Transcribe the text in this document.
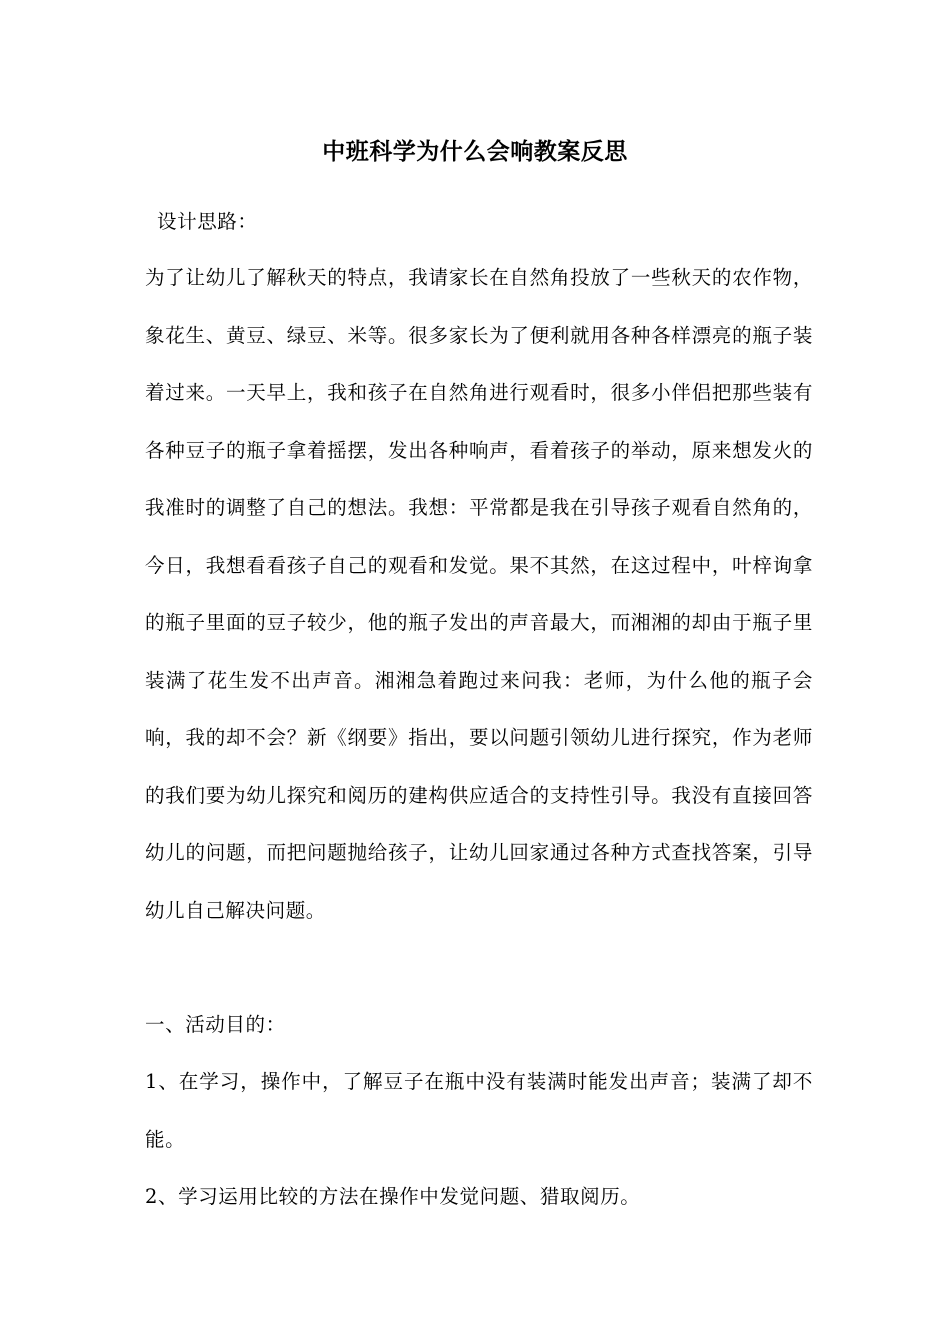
中班科学为什么会响教案反思
设计思路：

为了让幼儿了解秋天的特点，我请家长在自然角投放了一些秋天的农作物，象花生、黄豆、绿豆、米等。很多家长为了便利就用各种各样漂亮的瓶子装着过来。一天早上，我和孩子在自然角进行观看时，很多小伴侣把那些装有各种豆子的瓶子拿着摇摆，发出各种响声，看着孩子的举动，原来想发火的我准时的调整了自己的想法。我想：平常都是我在引导孩子观看自然角的，今日，我想看看孩子自己的观看和发觉。果不其然，在这过程中，叶梓询拿的瓶子里面的豆子较少，他的瓶子发出的声音最大，而湘湘的却由于瓶子里装满了花生发不出声音。湘湘急着跑过来问我：老师，为什么他的瓶子会响，我的却不会？新《纲要》指出，要以问题引领幼儿进行探究，作为老师的我们要为幼儿探究和阅历的建构供应适合的支持性引导。我没有直接回答幼儿的问题，而把问题抛给孩子，让幼儿回家通过各种方式查找答案，引导幼儿自己解决问题。

一、活动目的：

1、在学习，操作中，了解豆子在瓶中没有装满时能发出声音；装满了却不能。

2、学习运用比较的方法在操作中发觉问题、猎取阅历。
